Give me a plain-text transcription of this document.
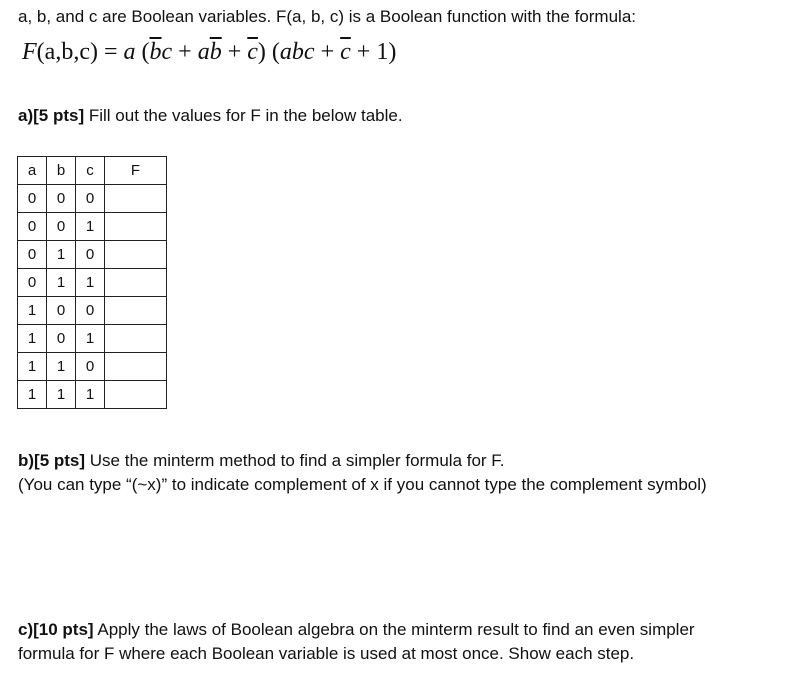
a, b, and c are Boolean variables. F(a, b, c) is a Boolean function with the formula:
F(a,b,c) = a $(\overline{b}c + a\overline{b} + \overline{c}) (abc + \overline{c} + 1)$
a)[5 pts] Fill out the values for F in the below table.
a	b	c	F
0	0	0	
0	0	1	
0	1	0	
0	1	1	
1	0	0	
1	0	1	
1	1	0	
1	1	1	
b)[5 pts] Use the minterm method to find a simpler formula for F.
(You can type “(~x)” to indicate complement of x if you cannot type the complement symbol)
c)[10 pts] Apply the laws of Boolean algebra on the minterm result to find an even simpler
formula for F where each Boolean variable is used at most once. Show each step.
